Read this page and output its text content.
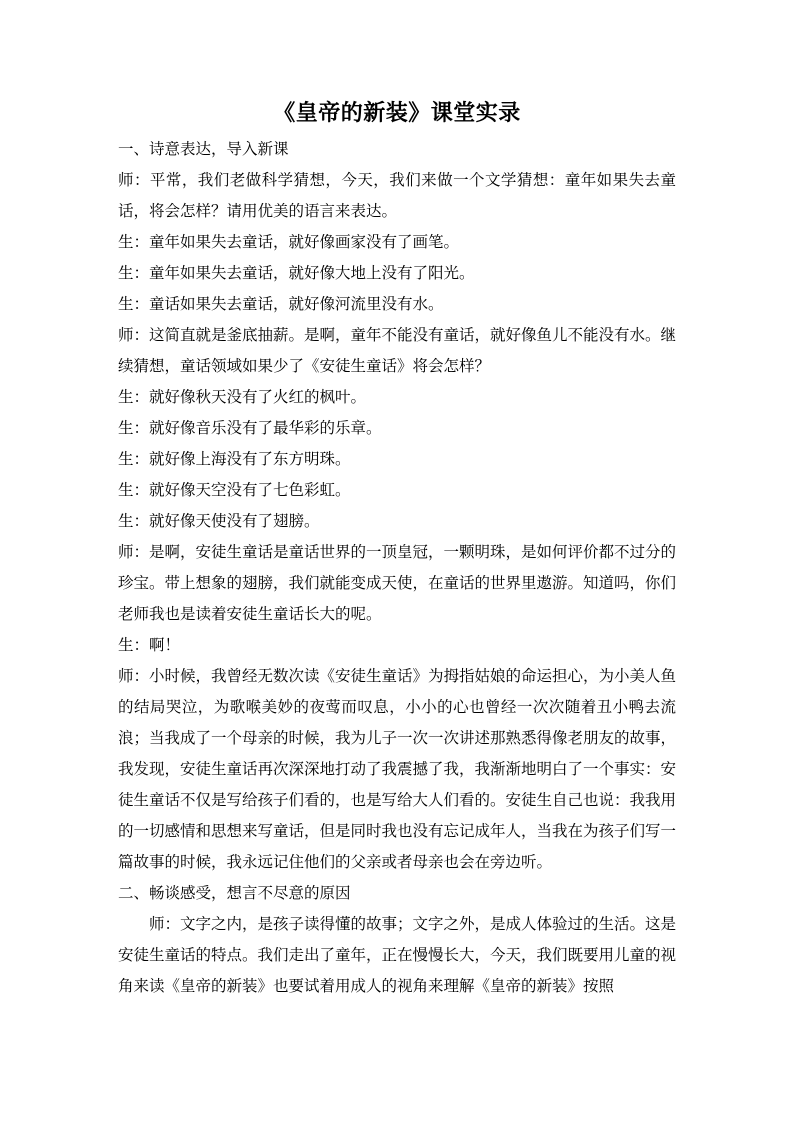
《皇帝的新装》课堂实录

一、诗意表达，导入新课

师：平常，我们老做科学猜想，今天，我们来做一个文学猜想：童年如果失去童话，将会怎样？请用优美的语言来表达。

生：童年如果失去童话，就好像画家没有了画笔。

生：童年如果失去童话，就好像大地上没有了阳光。

生：童话如果失去童话，就好像河流里没有水。

师：这简直就是釜底抽薪。是啊，童年不能没有童话，就好像鱼儿不能没有水。继续猜想，童话领域如果少了《安徒生童话》将会怎样？

生：就好像秋天没有了火红的枫叶。

生：就好像音乐没有了最华彩的乐章。

生：就好像上海没有了东方明珠。

生：就好像天空没有了七色彩虹。

生：就好像天使没有了翅膀。

师：是啊，安徒生童话是童话世界的一顶皇冠，一颗明珠，是如何评价都不过分的珍宝。带上想象的翅膀，我们就能变成天使，在童话的世界里遨游。知道吗，你们老师我也是读着安徒生童话长大的呢。

生：啊！

师：小时候，我曾经无数次读《安徒生童话》为拇指姑娘的命运担心，为小美人鱼的结局哭泣，为歌喉美妙的夜莺而叹息，小小的心也曾经一次次随着丑小鸭去流浪；当我成了一个母亲的时候，我为儿子一次一次讲述那熟悉得像老朋友的故事，我发现，安徒生童话再次深深地打动了我震撼了我，我渐渐地明白了一个事实：安徒生童话不仅是写给孩子们看的，也是写给大人们看的。安徒生自己也说：我我用的一切感情和思想来写童话，但是同时我也没有忘记成年人，当我在为孩子们写一篇故事的时候，我永远记住他们的父亲或者母亲也会在旁边听。

二、畅谈感受，想言不尽意的原因

师：文字之内，是孩子读得懂的故事；文字之外，是成人体验过的生活。这是安徒生童话的特点。我们走出了童年，正在慢慢长大，今天，我们既要用儿童的视角来读《皇帝的新装》也要试着用成人的视角来理解《皇帝的新装》按照
